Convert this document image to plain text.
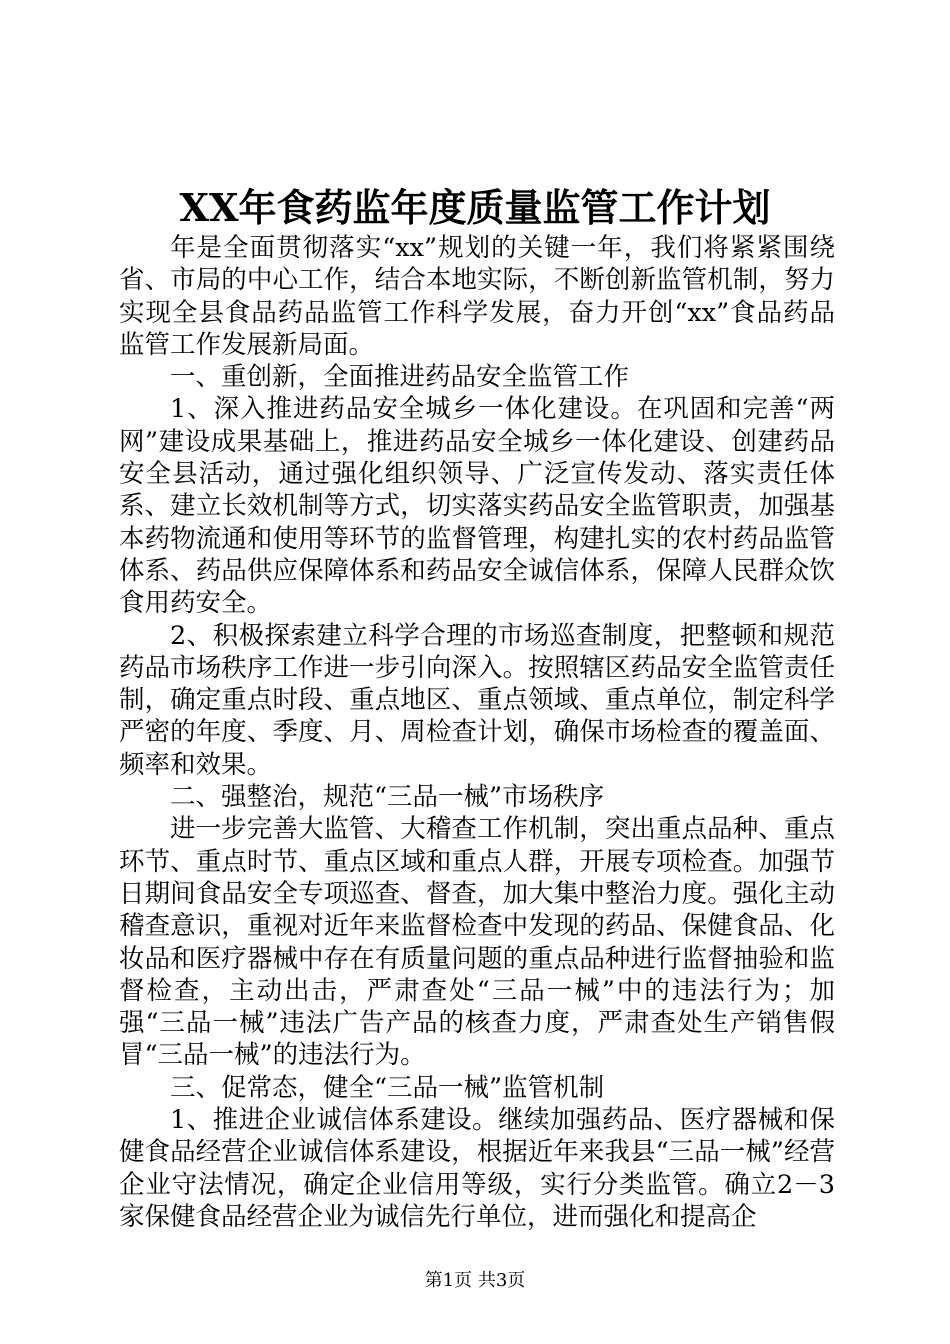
XX年食药监年度质量监管工作计划

年是全面贯彻落实“xx”规划的关键一年，我们将紧紧围绕省、市局的中心工作，结合本地实际，不断创新监管机制，努力实现全县食品药品监管工作科学发展，奋力开创“xx”食品药品监管工作发展新局面。

一、重创新，全面推进药品安全监管工作

1、深入推进药品安全城乡一体化建设。在巩固和完善“两网”建设成果基础上，推进药品安全城乡一体化建设、创建药品安全县活动，通过强化组织领导、广泛宣传发动、落实责任体系、建立长效机制等方式，切实落实药品安全监管职责，加强基本药物流通和使用等环节的监督管理，构建扎实的农村药品监管体系、药品供应保障体系和药品安全诚信体系，保障人民群众饮食用药安全。

2、积极探索建立科学合理的市场巡查制度，把整顿和规范药品市场秩序工作进一步引向深入。按照辖区药品安全监管责任制，确定重点时段、重点地区、重点领域、重点单位，制定科学严密的年度、季度、月、周检查计划，确保市场检查的覆盖面、频率和效果。

二、强整治，规范“三品一械”市场秩序

进一步完善大监管、大稽查工作机制，突出重点品种、重点环节、重点时节、重点区域和重点人群，开展专项检查。加强节日期间食品安全专项巡查、督查，加大集中整治力度。强化主动稽查意识，重视对近年来监督检查中发现的药品、保健食品、化妆品和医疗器械中存在有质量问题的重点品种进行监督抽验和监督检查，主动出击，严肃查处“三品一械”中的违法行为；加强“三品一械”违法广告产品的核查力度，严肃查处生产销售假冒“三品一械”的违法行为。

三、促常态，健全“三品一械”监管机制

1、推进企业诚信体系建设。继续加强药品、医疗器械和保健食品经营企业诚信体系建设，根据近年来我县“三品一械”经营企业守法情况，确定企业信用等级，实行分类监管。确立2－3家保健食品经营企业为诚信先行单位，进而强化和提高企

第1页 共3页
